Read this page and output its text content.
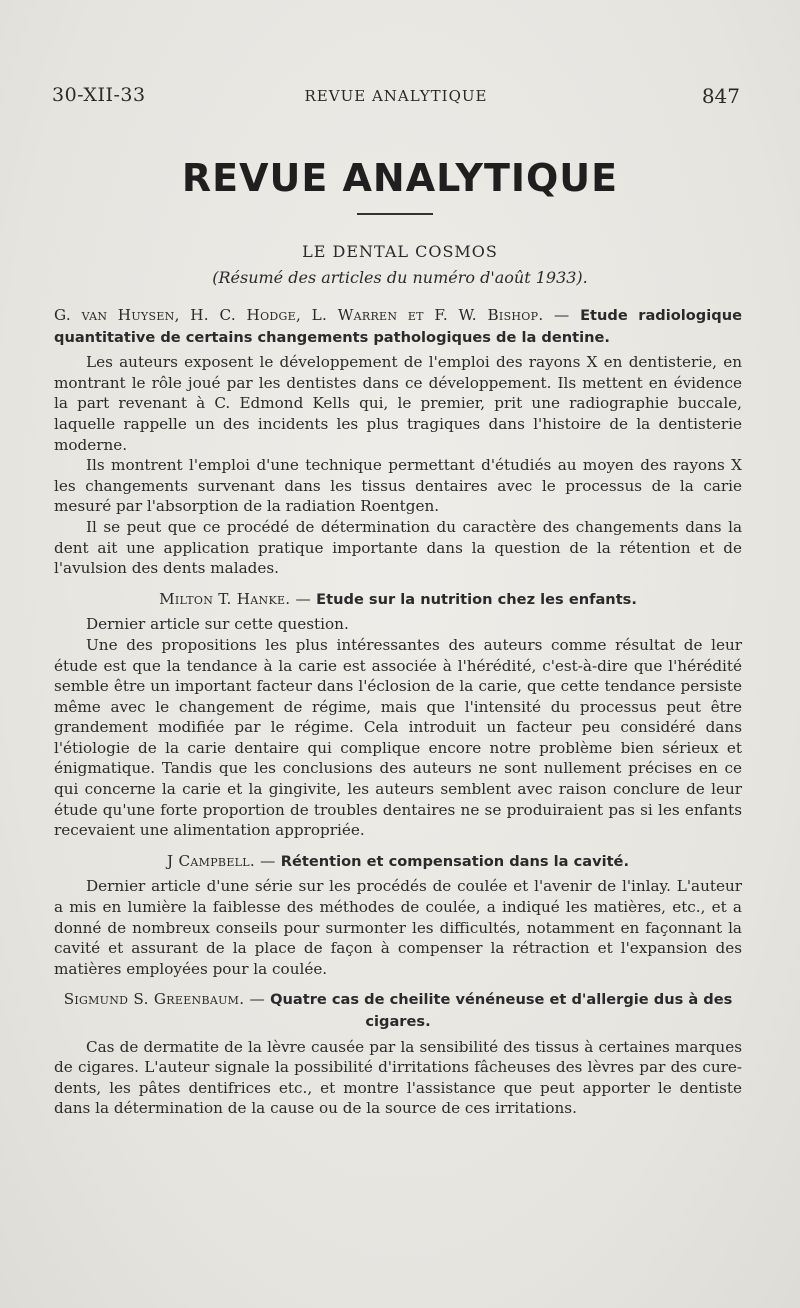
30-XII-33	REVUE ANALYTIQUE	847
REVUE ANALYTIQUE
LE DENTAL COSMOS
(Résumé des articles du numéro d'août 1933).

G. van Huysen, H. C. Hodge, L. Warren et F. W. Bishop. — Etude radiologique quantitative de certains changements pathologiques de la dentine.

Les auteurs exposent le développement de l'emploi des rayons X en dentisterie, en montrant le rôle joué par les dentistes dans ce développement. Ils mettent en évidence la part revenant à C. Edmond Kells qui, le premier, prit une radiographie buccale, laquelle rappelle un des incidents les plus tragiques dans l'histoire de la dentisterie moderne.

Ils montrent l'emploi d'une technique permettant d'étudiés au moyen des rayons X les changements survenant dans les tissus dentaires avec le processus de la carie mesuré par l'absorption de la radiation Roentgen.

Il se peut que ce procédé de détermination du caractère des changements dans la dent ait une application pratique importante dans la question de la rétention et de l'avulsion des dents malades.

Milton T. Hanke. — Etude sur la nutrition chez les enfants.

Dernier article sur cette question.

Une des propositions les plus intéressantes des auteurs comme résultat de leur étude est que la tendance à la carie est associée à l'hérédité, c'est-à-dire que l'hérédité semble être un important facteur dans l'éclosion de la carie, que cette tendance persiste même avec le changement de régime, mais que l'intensité du processus peut être grandement modifiée par le régime. Cela introduit un facteur peu considéré dans l'étiologie de la carie dentaire qui complique encore notre problème bien sérieux et énigmatique. Tandis que les conclusions des auteurs ne sont nullement précises en ce qui concerne la carie et la gingivite, les auteurs semblent avec raison conclure de leur étude qu'une forte proportion de troubles dentaires ne se produiraient pas si les enfants recevaient une alimentation appropriée.

J Campbell. — Rétention et compensation dans la cavité.

Dernier article d'une série sur les procédés de coulée et l'avenir de l'inlay. L'auteur a mis en lumière la faiblesse des méthodes de coulée, a indiqué les matières, etc., et a donné de nombreux conseils pour surmonter les difficultés, notamment en façonnant la cavité et assurant de la place de façon à compenser la rétraction et l'expansion des matières employées pour la coulée.

Sigmund S. Greenbaum. — Quatre cas de cheilite vénéneuse et d'allergie dus à des cigares.

Cas de dermatite de la lèvre causée par la sensibilité des tissus à certaines marques de cigares. L'auteur signale la possibilité d'irritations fâcheuses des lèvres par des cure-dents, les pâtes dentifrices etc., et montre l'assistance que peut apporter le dentiste dans la détermination de la cause ou de la source de ces irritations.
